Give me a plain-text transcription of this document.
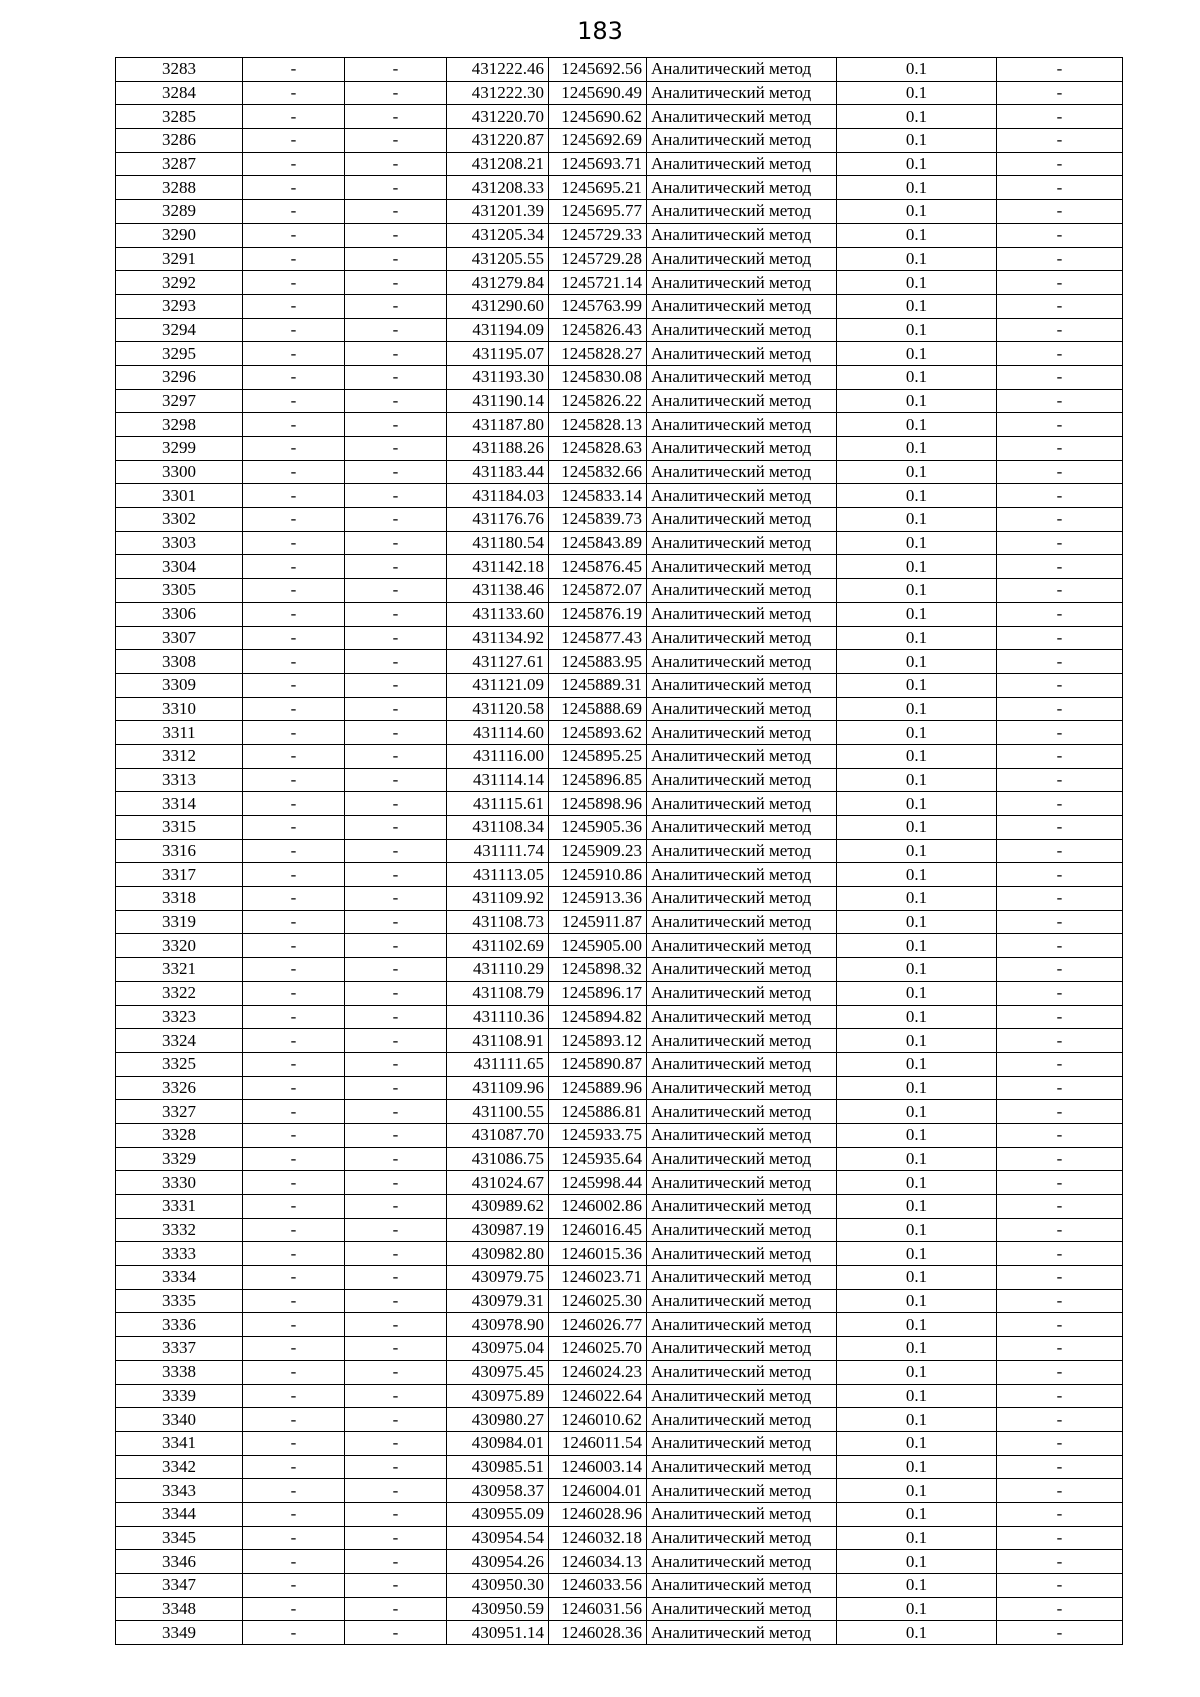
183
3283	-	-	431222.46	1245692.56	Аналитический метод	0.1	-
3284	-	-	431222.30	1245690.49	Аналитический метод	0.1	-
3285	-	-	431220.70	1245690.62	Аналитический метод	0.1	-
3286	-	-	431220.87	1245692.69	Аналитический метод	0.1	-
3287	-	-	431208.21	1245693.71	Аналитический метод	0.1	-
3288	-	-	431208.33	1245695.21	Аналитический метод	0.1	-
3289	-	-	431201.39	1245695.77	Аналитический метод	0.1	-
3290	-	-	431205.34	1245729.33	Аналитический метод	0.1	-
3291	-	-	431205.55	1245729.28	Аналитический метод	0.1	-
3292	-	-	431279.84	1245721.14	Аналитический метод	0.1	-
3293	-	-	431290.60	1245763.99	Аналитический метод	0.1	-
3294	-	-	431194.09	1245826.43	Аналитический метод	0.1	-
3295	-	-	431195.07	1245828.27	Аналитический метод	0.1	-
3296	-	-	431193.30	1245830.08	Аналитический метод	0.1	-
3297	-	-	431190.14	1245826.22	Аналитический метод	0.1	-
3298	-	-	431187.80	1245828.13	Аналитический метод	0.1	-
3299	-	-	431188.26	1245828.63	Аналитический метод	0.1	-
3300	-	-	431183.44	1245832.66	Аналитический метод	0.1	-
3301	-	-	431184.03	1245833.14	Аналитический метод	0.1	-
3302	-	-	431176.76	1245839.73	Аналитический метод	0.1	-
3303	-	-	431180.54	1245843.89	Аналитический метод	0.1	-
3304	-	-	431142.18	1245876.45	Аналитический метод	0.1	-
3305	-	-	431138.46	1245872.07	Аналитический метод	0.1	-
3306	-	-	431133.60	1245876.19	Аналитический метод	0.1	-
3307	-	-	431134.92	1245877.43	Аналитический метод	0.1	-
3308	-	-	431127.61	1245883.95	Аналитический метод	0.1	-
3309	-	-	431121.09	1245889.31	Аналитический метод	0.1	-
3310	-	-	431120.58	1245888.69	Аналитический метод	0.1	-
3311	-	-	431114.60	1245893.62	Аналитический метод	0.1	-
3312	-	-	431116.00	1245895.25	Аналитический метод	0.1	-
3313	-	-	431114.14	1245896.85	Аналитический метод	0.1	-
3314	-	-	431115.61	1245898.96	Аналитический метод	0.1	-
3315	-	-	431108.34	1245905.36	Аналитический метод	0.1	-
3316	-	-	431111.74	1245909.23	Аналитический метод	0.1	-
3317	-	-	431113.05	1245910.86	Аналитический метод	0.1	-
3318	-	-	431109.92	1245913.36	Аналитический метод	0.1	-
3319	-	-	431108.73	1245911.87	Аналитический метод	0.1	-
3320	-	-	431102.69	1245905.00	Аналитический метод	0.1	-
3321	-	-	431110.29	1245898.32	Аналитический метод	0.1	-
3322	-	-	431108.79	1245896.17	Аналитический метод	0.1	-
3323	-	-	431110.36	1245894.82	Аналитический метод	0.1	-
3324	-	-	431108.91	1245893.12	Аналитический метод	0.1	-
3325	-	-	431111.65	1245890.87	Аналитический метод	0.1	-
3326	-	-	431109.96	1245889.96	Аналитический метод	0.1	-
3327	-	-	431100.55	1245886.81	Аналитический метод	0.1	-
3328	-	-	431087.70	1245933.75	Аналитический метод	0.1	-
3329	-	-	431086.75	1245935.64	Аналитический метод	0.1	-
3330	-	-	431024.67	1245998.44	Аналитический метод	0.1	-
3331	-	-	430989.62	1246002.86	Аналитический метод	0.1	-
3332	-	-	430987.19	1246016.45	Аналитический метод	0.1	-
3333	-	-	430982.80	1246015.36	Аналитический метод	0.1	-
3334	-	-	430979.75	1246023.71	Аналитический метод	0.1	-
3335	-	-	430979.31	1246025.30	Аналитический метод	0.1	-
3336	-	-	430978.90	1246026.77	Аналитический метод	0.1	-
3337	-	-	430975.04	1246025.70	Аналитический метод	0.1	-
3338	-	-	430975.45	1246024.23	Аналитический метод	0.1	-
3339	-	-	430975.89	1246022.64	Аналитический метод	0.1	-
3340	-	-	430980.27	1246010.62	Аналитический метод	0.1	-
3341	-	-	430984.01	1246011.54	Аналитический метод	0.1	-
3342	-	-	430985.51	1246003.14	Аналитический метод	0.1	-
3343	-	-	430958.37	1246004.01	Аналитический метод	0.1	-
3344	-	-	430955.09	1246028.96	Аналитический метод	0.1	-
3345	-	-	430954.54	1246032.18	Аналитический метод	0.1	-
3346	-	-	430954.26	1246034.13	Аналитический метод	0.1	-
3347	-	-	430950.30	1246033.56	Аналитический метод	0.1	-
3348	-	-	430950.59	1246031.56	Аналитический метод	0.1	-
3349	-	-	430951.14	1246028.36	Аналитический метод	0.1	-
